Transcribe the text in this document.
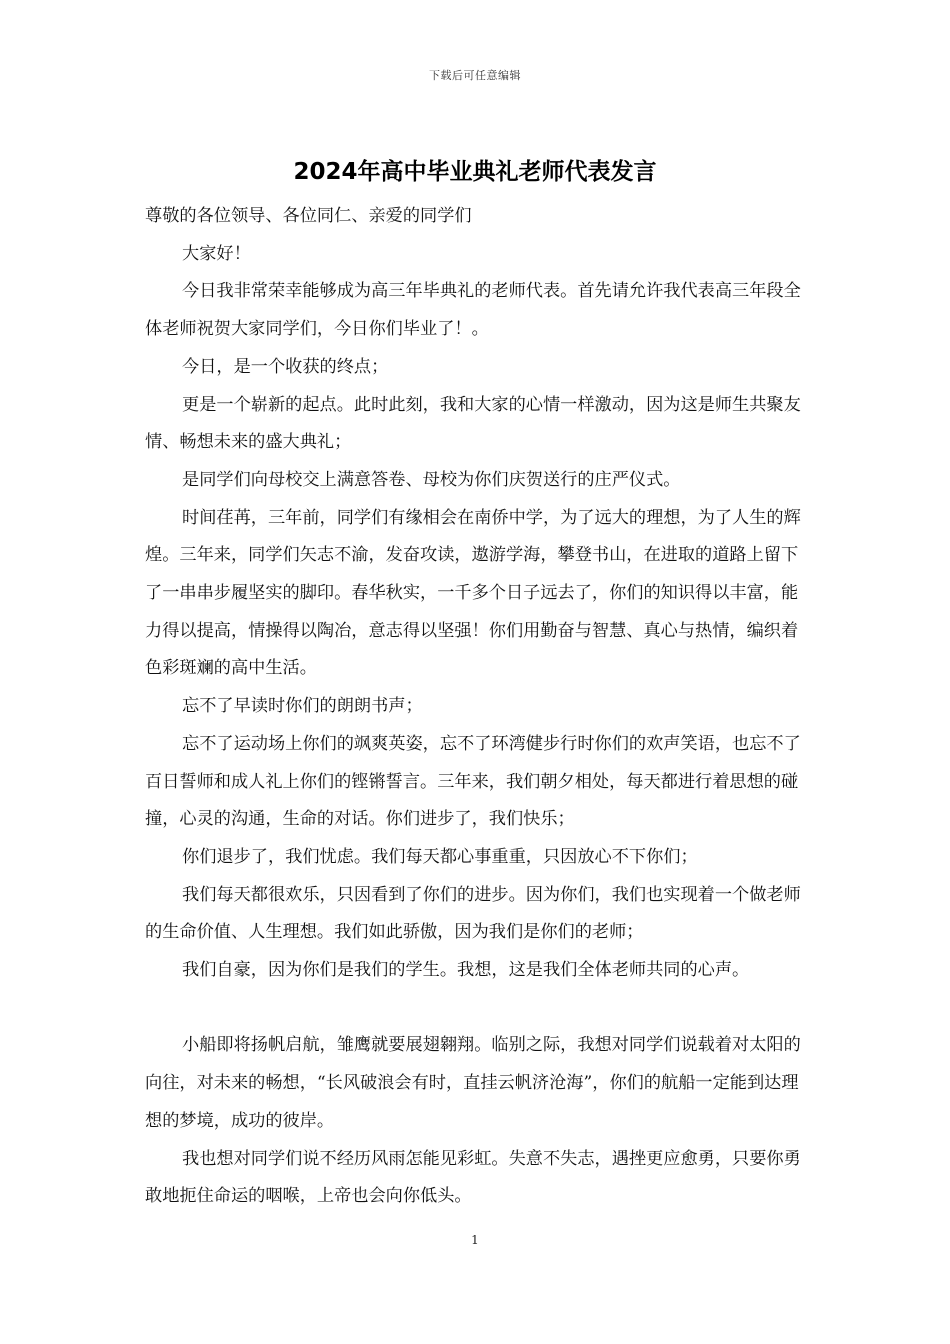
下载后可任意编辑
2024年高中毕业典礼老师代表发言

尊敬的各位领导、各位同仁、亲爱的同学们

大家好！

今日我非常荣幸能够成为高三年毕典礼的老师代表。首先请允许我代表高三年段全体老师祝贺大家同学们，今日你们毕业了！。

今日，是一个收获的终点；

更是一个崭新的起点。此时此刻，我和大家的心情一样激动，因为这是师生共聚友情、畅想未来的盛大典礼；

是同学们向母校交上满意答卷、母校为你们庆贺送行的庄严仪式。

时间荏苒，三年前，同学们有缘相会在南侨中学，为了远大的理想，为了人生的辉煌。三年来，同学们矢志不渝，发奋攻读，遨游学海，攀登书山，在进取的道路上留下了一串串步履坚实的脚印。春华秋实，一千多个日子远去了，你们的知识得以丰富，能力得以提高，情操得以陶冶，意志得以坚强！你们用勤奋与智慧、真心与热情，编织着色彩斑斓的高中生活。

忘不了早读时你们的朗朗书声；

忘不了运动场上你们的飒爽英姿，忘不了环湾健步行时你们的欢声笑语，也忘不了百日誓师和成人礼上你们的铿锵誓言。三年来，我们朝夕相处，每天都进行着思想的碰撞，心灵的沟通，生命的对话。你们进步了，我们快乐；

你们退步了，我们忧虑。我们每天都心事重重，只因放心不下你们；

我们每天都很欢乐，只因看到了你们的进步。因为你们，我们也实现着一个做老师的生命价值、人生理想。我们如此骄傲，因为我们是你们的老师；

我们自豪，因为你们是我们的学生。我想，这是我们全体老师共同的心声。

小船即将扬帆启航，雏鹰就要展翅翱翔。临别之际，我想对同学们说载着对太阳的向往，对未来的畅想，“长风破浪会有时，直挂云帆济沧海”，你们的航船一定能到达理想的梦境，成功的彼岸。

我也想对同学们说不经历风雨怎能见彩虹。失意不失志，遇挫更应愈勇，只要你勇敢地扼住命运的咽喉，上帝也会向你低头。

1
